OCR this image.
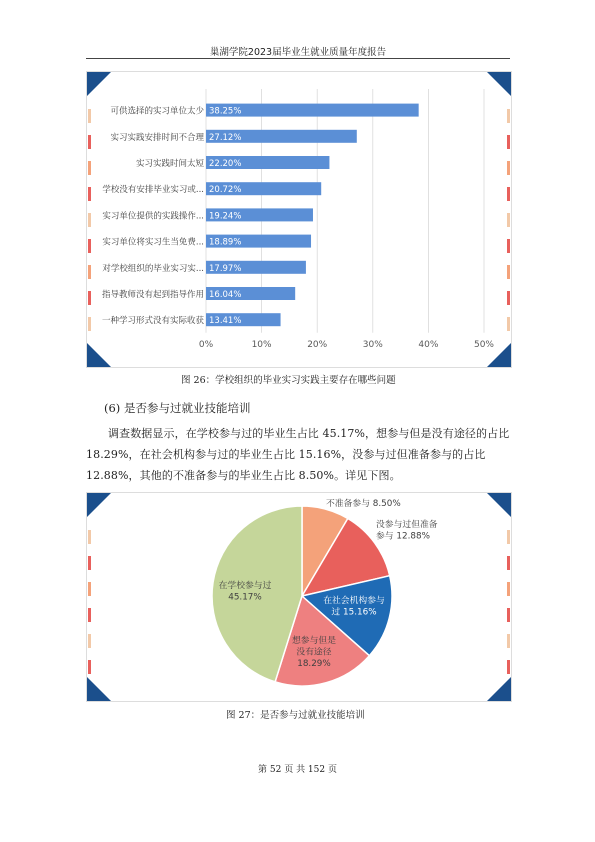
巢湖学院2023届毕业生就业质量年度报告
0%	10%	20%	30%	40%	50%
可供选择的实习单位太少 38.25%
实习实践安排时间不合理 27.12%
实习实践时间太短 22.20%
学校没有安排毕业实习或... 20.72%
实习单位提供的实践操作... 19.24%
实习单位将实习生当免费... 18.89%
对学校组织的毕业实习实... 17.97%
指导教师没有起到指导作用 16.04%
一种学习形式没有实际收获 13.41%
图 26：学校组织的毕业实习实践主要存在哪些问题
(6) 是否参与过就业技能培训
调查数据显示，在学校参与过的毕业生占比 45.17%，想参与但是没有途径的占比 18.29%，在社会机构参与过的毕业生占比 15.16%，没参与过但准备参与的占比 12.88%，其他的不准备参与的毕业生占比 8.50%。详见下图。
不准备参与 8.50%
没参与过但准备
参与 12.88%
在社会机构参与
过 15.16%
想参与但是
没有途径
18.29%
在学校参与过
45.17%
图 27：是否参与过就业技能培训
第 52 页 共 152 页
